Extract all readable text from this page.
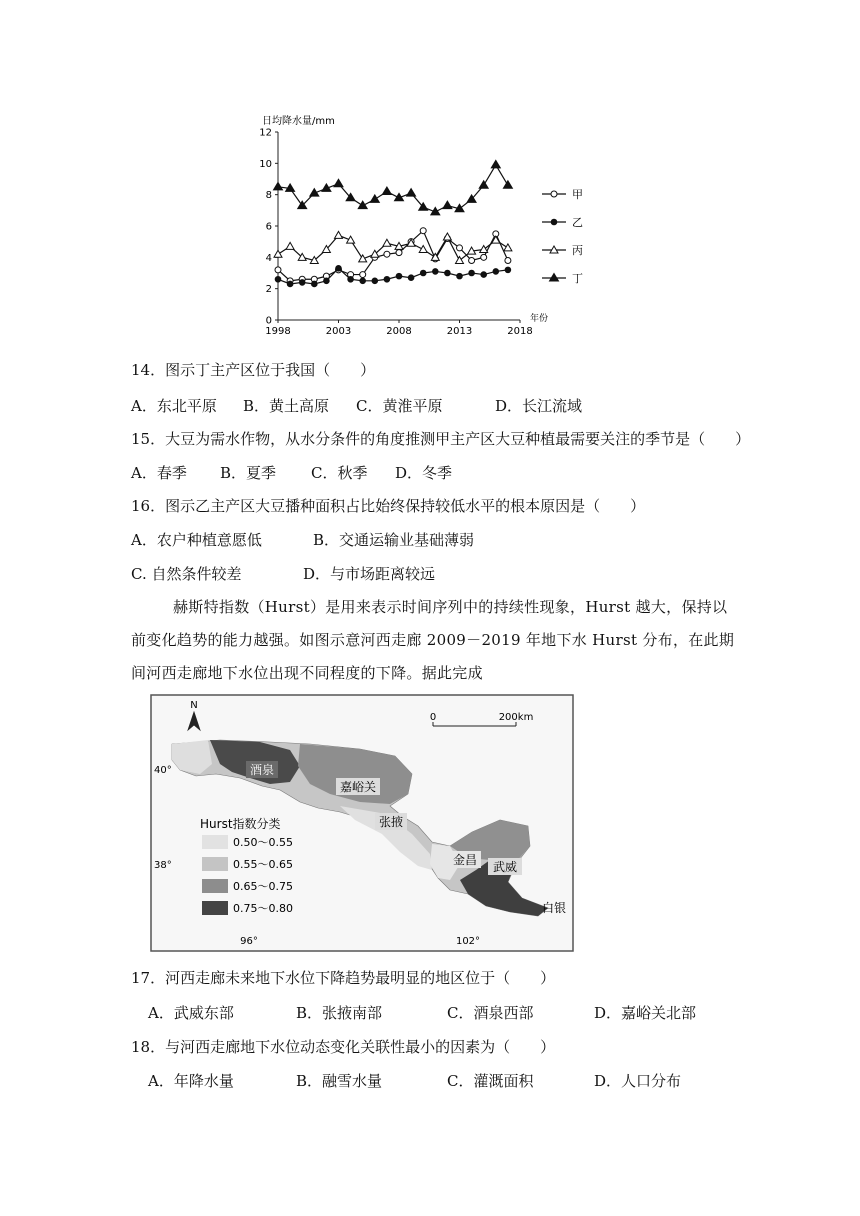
日均降水量/mm
0
2
4
6
8
10
12
1998	2003	2008	2013	2018
年份
甲
乙
丙
丁
14．图示丁主产区位于我国（　　）
A．东北平原 B．黄土高原 C．黄淮平原	D．长江流域
15．大豆为需水作物，从水分条件的角度推测甲主产区大豆种植最需要关注的季节是（　　）
A．春季 B．夏季 C．秋季 D．冬季
16．图示乙主产区大豆播种面积占比始终保持较低水平的根本原因是（　　）
A．农户种植意愿低	B．交通运输业基础薄弱
C. 自然条件较差	D．与市场距离较远
赫斯特指数（Hurst）是用来表示时间序列中的持续性现象，Hurst 越大，保持以前变化趋势的能力越强。如图示意河西走廊 2009－2019 年地下水 Hurst 分布，在此期间河西走廊地下水位出现不同程度的下降。据此完成
N
0	200km
40°
38°
96°	102°
酒泉
嘉峪关
张掖
金昌 武威
白银
Hurst指数分类
0.50～0.55
0.55～0.65
0.65～0.75
0.75～0.80
17．河西走廊未来地下水位下降趋势最明显的地区位于（　　）
A．武威东部	B．张掖南部	C．酒泉西部	D．嘉峪关北部
18．与河西走廊地下水位动态变化关联性最小的因素为（　　）
A．年降水量	B．融雪水量	C．灌溉面积	D．人口分布
